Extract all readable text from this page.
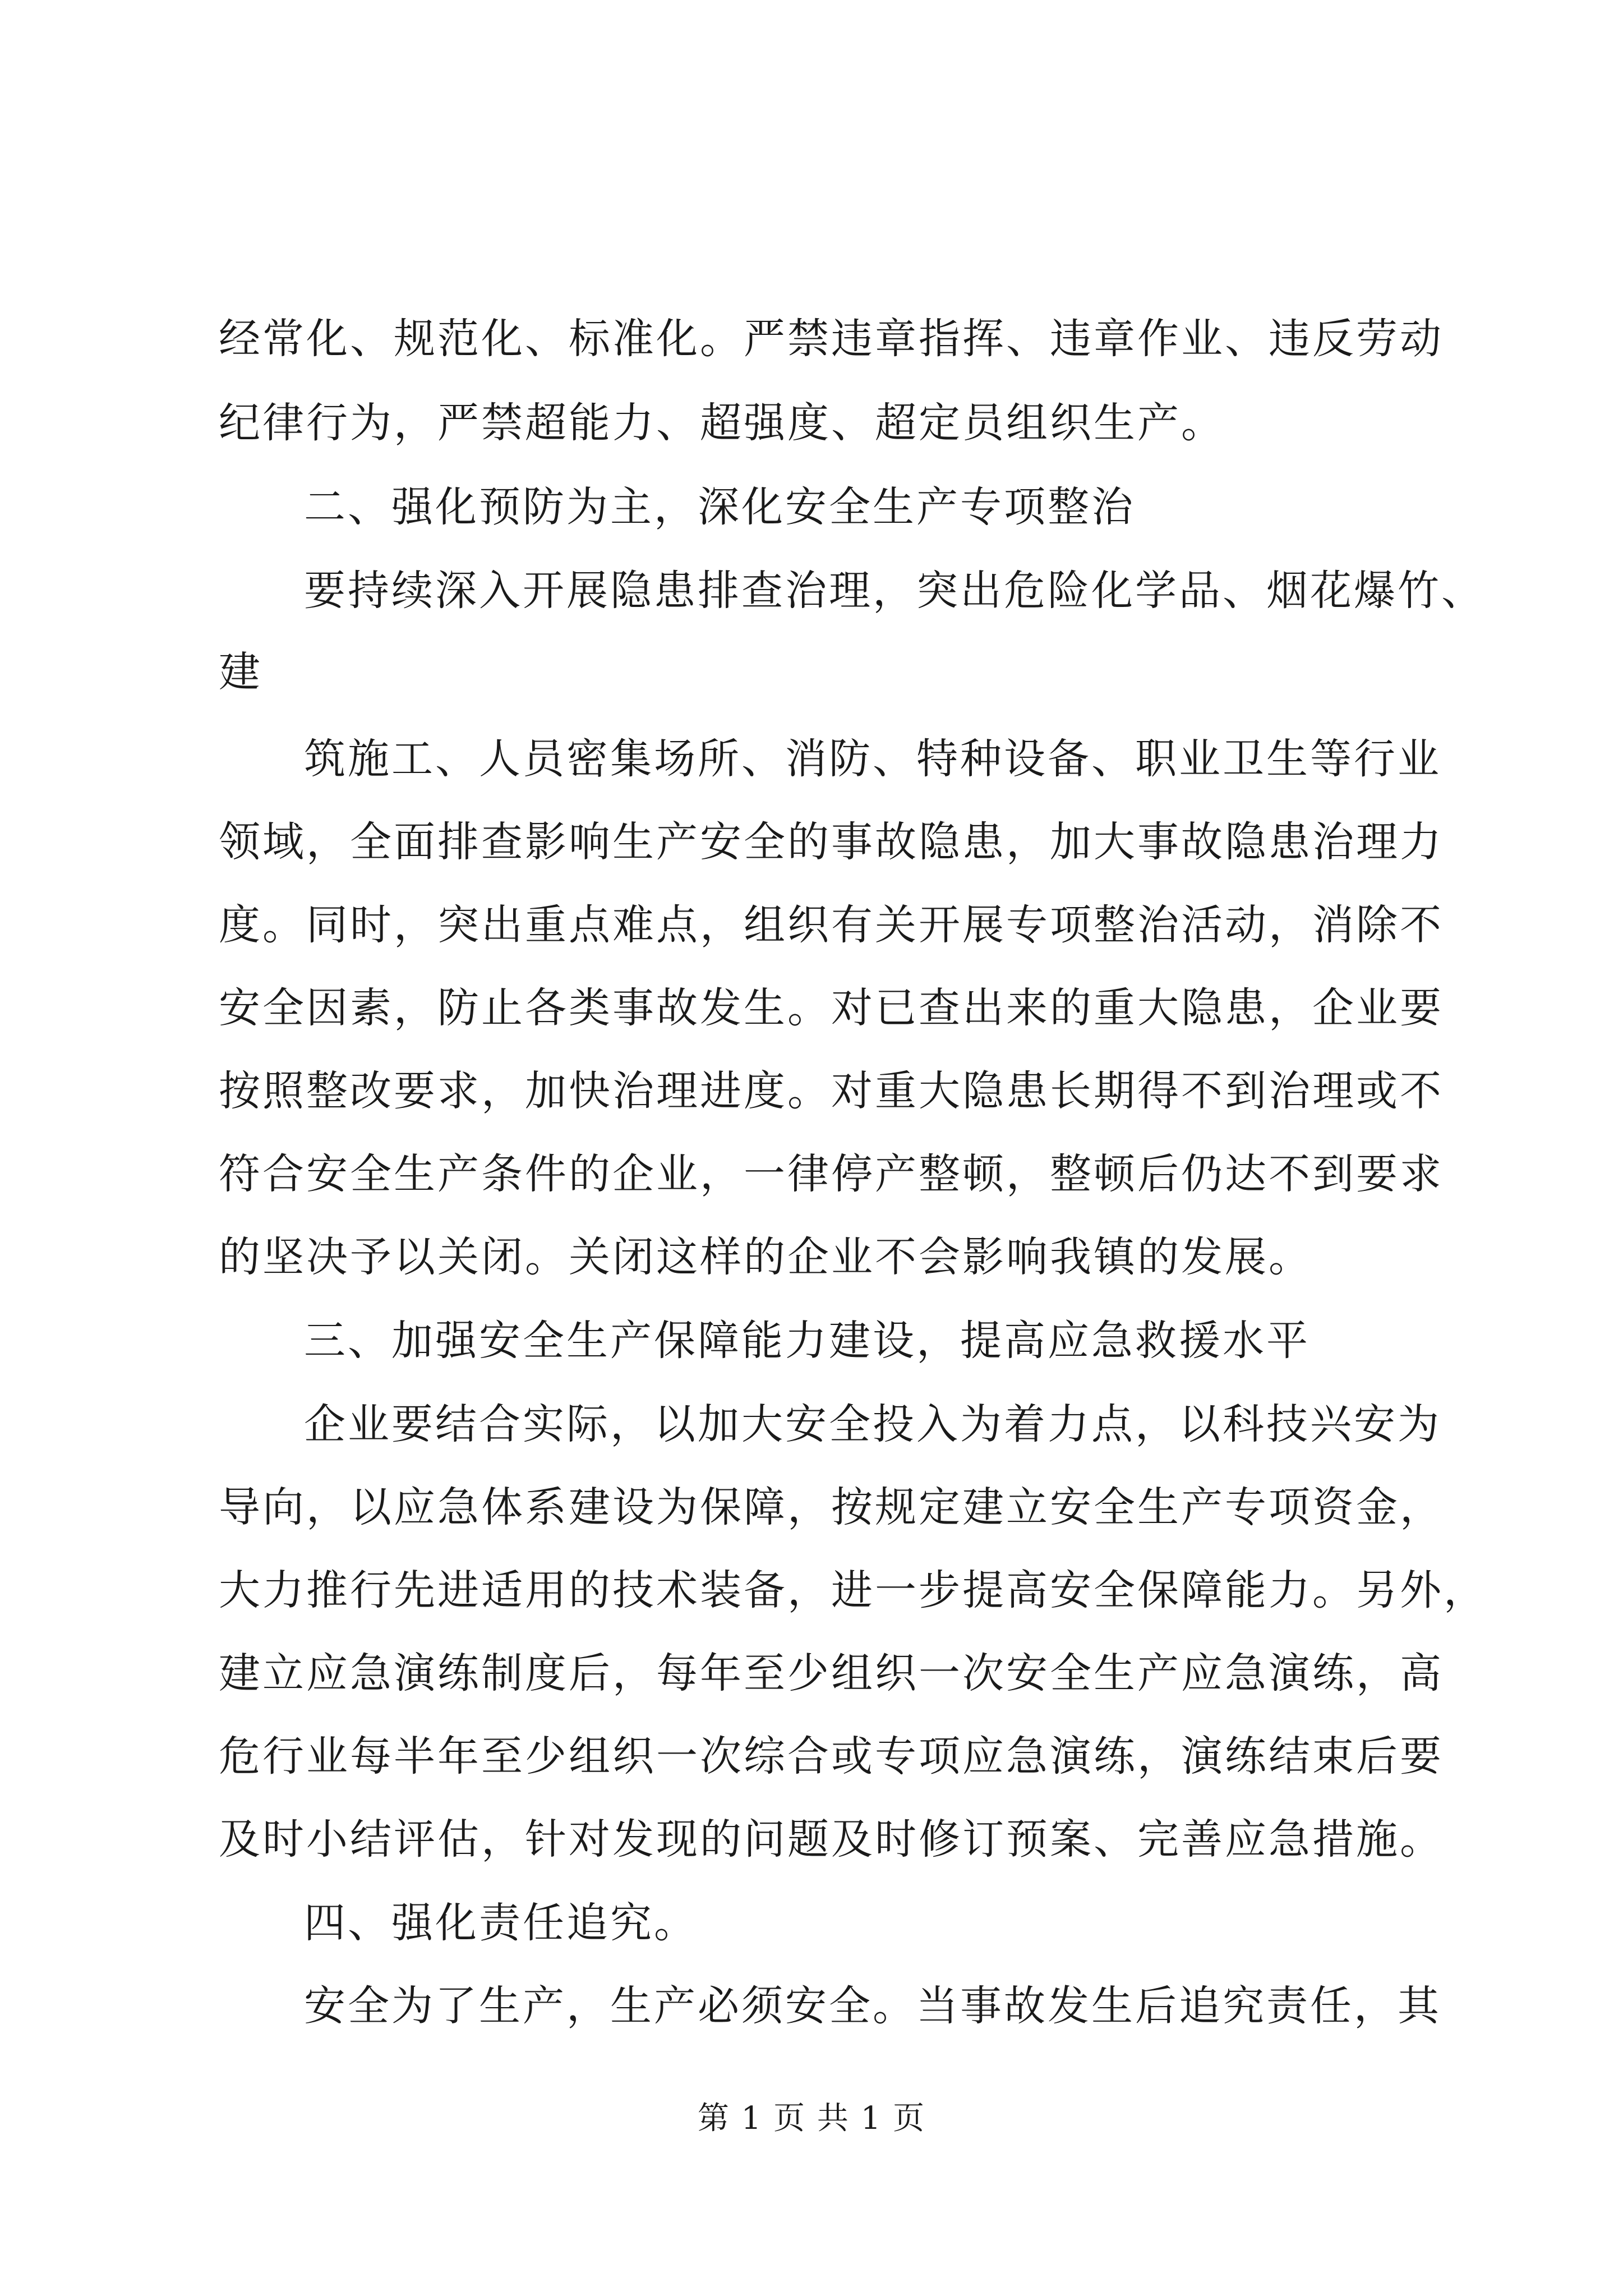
经常化、规范化、标准化。严禁违章指挥、违章作业、违反劳动
纪律行为，严禁超能力、超强度、超定员组织生产。
二、强化预防为主，深化安全生产专项整治
要持续深入开展隐患排查治理，突出危险化学品、烟花爆竹、
建
筑施工、人员密集场所、消防、特种设备、职业卫生等行业
领域，全面排查影响生产安全的事故隐患，加大事故隐患治理力
度。同时，突出重点难点，组织有关开展专项整治活动，消除不
安全因素，防止各类事故发生。对已查出来的重大隐患，企业要
按照整改要求，加快治理进度。对重大隐患长期得不到治理或不
符合安全生产条件的企业，一律停产整顿，整顿后仍达不到要求
的坚决予以关闭。关闭这样的企业不会影响我镇的发展。
三、加强安全生产保障能力建设，提高应急救援水平
企业要结合实际，以加大安全投入为着力点，以科技兴安为
导向，以应急体系建设为保障，按规定建立安全生产专项资金，
大力推行先进适用的技术装备，进一步提高安全保障能力。另外，
建立应急演练制度后，每年至少组织一次安全生产应急演练，高
危行业每半年至少组织一次综合或专项应急演练，演练结束后要
及时小结评估，针对发现的问题及时修订预案、完善应急措施。
四、强化责任追究。
安全为了生产，生产必须安全。当事故发生后追究责任，其
第 1 页 共 1 页
